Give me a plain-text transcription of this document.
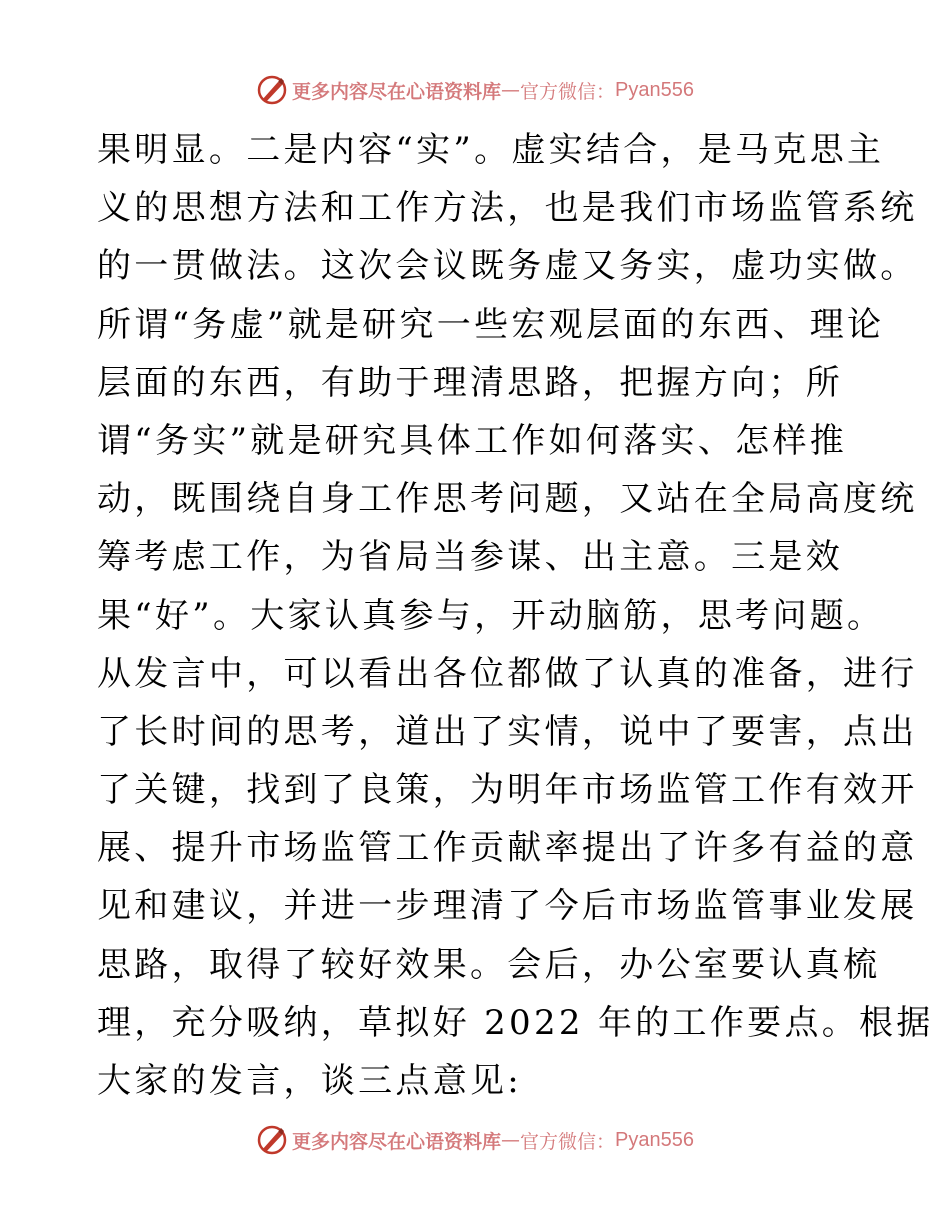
更多内容尽在心语资料库 — 官方微信： Pyan556
果明显。二是内容“实”。虚实结合，是马克思主
义的思想方法和工作方法，也是我们市场监管系统
的一贯做法。这次会议既务虚又务实，虚功实做。
所谓“务虚”就是研究一些宏观层面的东西、理论
层面的东西，有助于理清思路，把握方向；所
谓“务实”就是研究具体工作如何落实、怎样推
动，既围绕自身工作思考问题，又站在全局高度统
筹考虑工作，为省局当参谋、出主意。三是效
果“好”。大家认真参与，开动脑筋，思考问题。
从发言中，可以看出各位都做了认真的准备，进行
了长时间的思考，道出了实情，说中了要害，点出
了关键，找到了良策，为明年市场监管工作有效开
展、提升市场监管工作贡献率提出了许多有益的意
见和建议，并进一步理清了今后市场监管事业发展
思路，取得了较好效果。会后，办公室要认真梳
理，充分吸纳，草拟好 2022 年的工作要点。根据
大家的发言，谈三点意见:
更多内容尽在心语资料库 — 官方微信： Pyan556
